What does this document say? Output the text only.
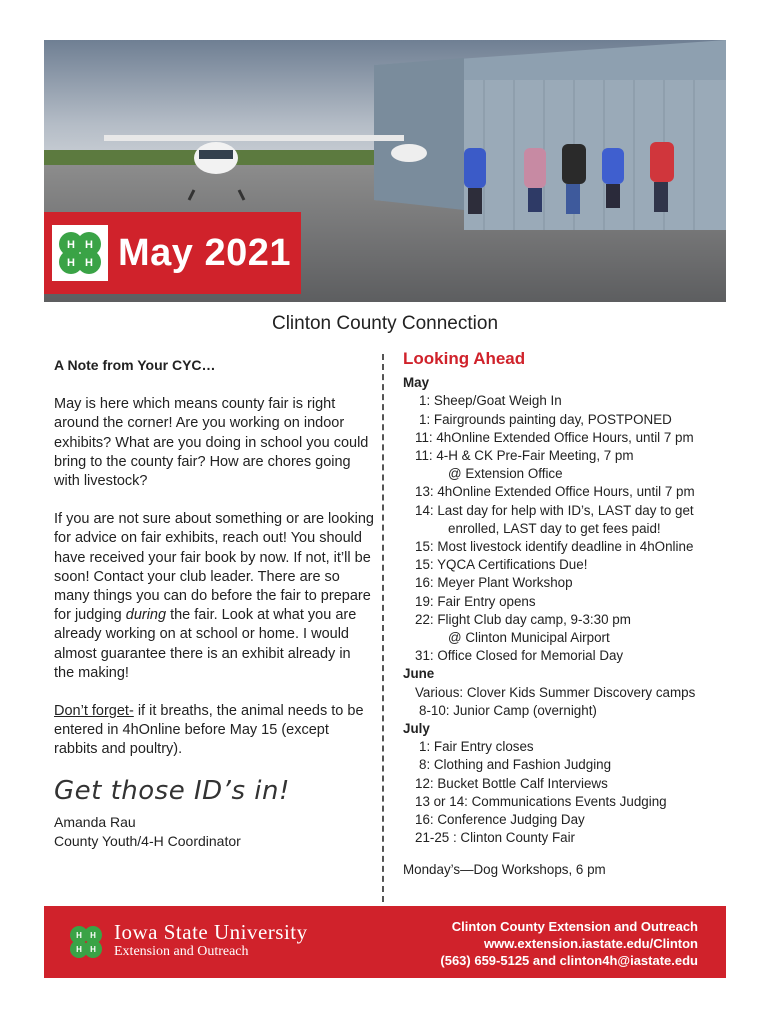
H H
H H May 2021
Clinton County Connection
A Note from Your CYC…

May is here which means county fair is right around the corner! Are you working on indoor exhibits? What are you doing in school you could bring to the county fair? How are chores going with livestock?

If you are not sure about something or are looking for advice on fair exhibits, reach out! You should have received your fair book by now. If not, it’ll be soon! Contact your club leader. There are so many things you can do before the fair to prepare for judging during the fair. Look at what you are already working on at school or home. I would almost guarantee there is an exhibit already in the making!

Don’t forget- if it breaths, the animal needs to be entered in 4hOnline before May 15 (except rabbits and poultry).

Get those ID’s in!
Amanda Rau
County Youth/4-H Coordinator
Looking Ahead
May
1: Sheep/Goat Weigh In
1: Fairgrounds painting day, POSTPONED
11: 4hOnline Extended Office Hours, until 7 pm
11: 4-H & CK Pre-Fair Meeting, 7 pm
@ Extension Office
13: 4hOnline Extended Office Hours, until 7 pm
14: Last day for help with ID’s, LAST day to get
enrolled, LAST day to get fees paid!
15: Most livestock identify deadline in 4hOnline
15: YQCA Certifications Due!
16: Meyer Plant Workshop
19: Fair Entry opens
22: Flight Club day camp, 9-3:30 pm
@ Clinton Municipal Airport
31: Office Closed for Memorial Day
June
Various: Clover Kids Summer Discovery camps
8-10: Junior Camp (overnight)
July
1: Fair Entry closes
8: Clothing and Fashion Judging
12: Bucket Bottle Calf Interviews
13 or 14: Communications Events Judging
16: Conference Judging Day
21-25 : Clinton County Fair
Monday’s—Dog Workshops, 6 pm
H H
H H
Iowa State University
Extension and Outreach
Clinton County Extension and Outreach
www.extension.iastate.edu/Clinton
(563) 659-5125 and clinton4h@iastate.edu
